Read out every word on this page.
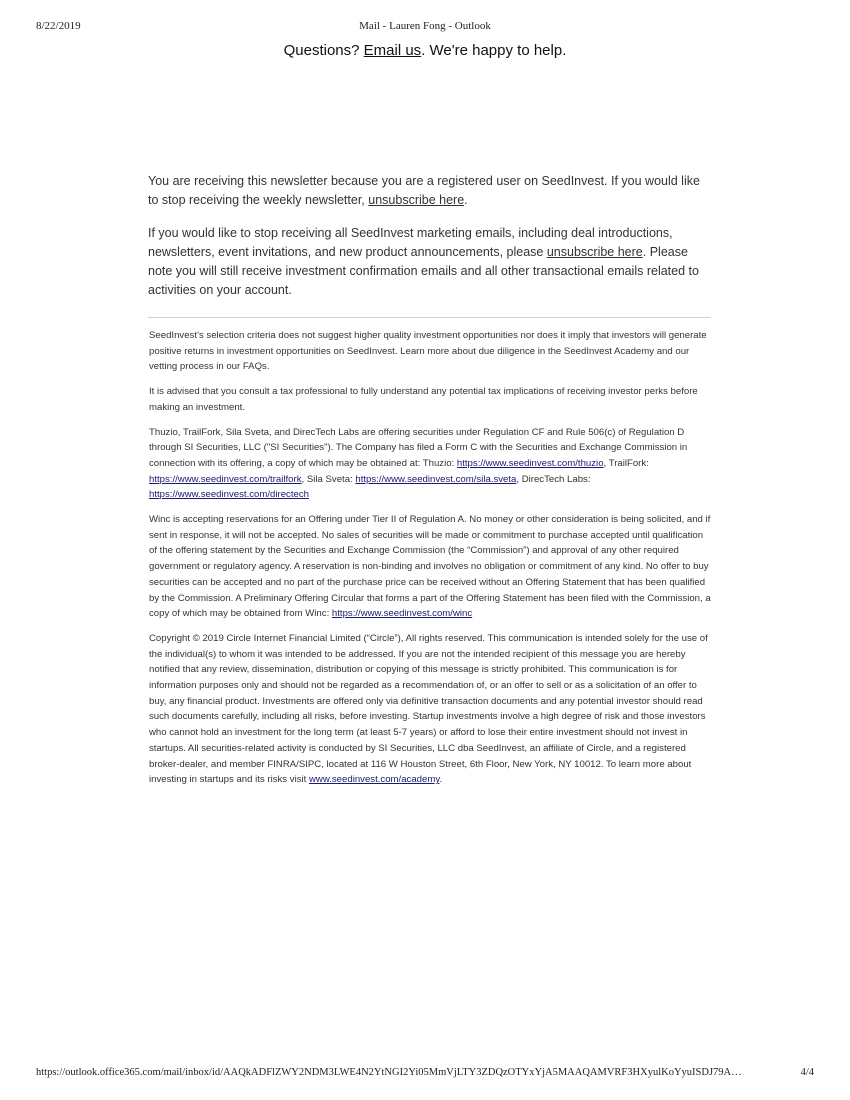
8/22/2019	Mail - Lauren Fong - Outlook
Questions? Email us. We're happy to help.

You are receiving this newsletter because you are a registered user on SeedInvest. If you would like to stop receiving the weekly newsletter, unsubscribe here.

If you would like to stop receiving all SeedInvest marketing emails, including deal introductions, newsletters, event invitations, and new product announcements, please unsubscribe here. Please note you will still receive investment confirmation emails and all other transactional emails related to activities on your account.

SeedInvest’s selection criteria does not suggest higher quality investment opportunities nor does it imply that investors will generate positive returns in investment opportunities on SeedInvest. Learn more about due diligence in the SeedInvest Academy and our vetting process in our FAQs.

It is advised that you consult a tax professional to fully understand any potential tax implications of receiving investor perks before making an investment.

Thuzio, TrailFork, Sila Sveta, and DirecTech Labs are offering securities under Regulation CF and Rule 506(c) of Regulation D through SI Securities, LLC ("SI Securities"). The Company has filed a Form C with the Securities and Exchange Commission in connection with its offering, a copy of which may be obtained at: Thuzio: https://www.seedinvest.com/thuzio, TrailFork: https://www.seedinvest.com/trailfork, Sila Sveta: https://www.seedinvest.com/sila.sveta, DirecTech Labs: https://www.seedinvest.com/directech

Winc is accepting reservations for an Offering under Tier II of Regulation A. No money or other consideration is being solicited, and if sent in response, it will not be accepted. No sales of securities will be made or commitment to purchase accepted until qualification of the offering statement by the Securities and Exchange Commission (the “Commission”) and approval of any other required government or regulatory agency. A reservation is non-binding and involves no obligation or commitment of any kind. No offer to buy securities can be accepted and no part of the purchase price can be received without an Offering Statement that has been qualified by the Commission. A Preliminary Offering Circular that forms a part of the Offering Statement has been filed with the Commission, a copy of which may be obtained from Winc: https://www.seedinvest.com/winc

Copyright © 2019 Circle Internet Financial Limited (“Circle”), All rights reserved. This communication is intended solely for the use of the individual(s) to whom it was intended to be addressed. If you are not the intended recipient of this message you are hereby notified that any review, dissemination, distribution or copying of this message is strictly prohibited. This communication is for information purposes only and should not be regarded as a recommendation of, or an offer to sell or as a solicitation of an offer to buy, any financial product. Investments are offered only via definitive transaction documents and any potential investor should read such documents carefully, including all risks, before investing. Startup investments involve a high degree of risk and those investors who cannot hold an investment for the long term (at least 5-7 years) or afford to lose their entire investment should not invest in startups. All securities-related activity is conducted by SI Securities, LLC dba SeedInvest, an affiliate of Circle, and a registered broker-dealer, and member FINRA/SIPC, located at 116 W Houston Street, 6th Floor, New York, NY 10012. To learn more about investing in startups and its risks visit www.seedinvest.com/academy.

https://outlook.office365.com/mail/inbox/id/AAQkADFlZWY2NDM3LWE4N2YtNGI2Yi05MmVjLTY3ZDQzOTYxYjA5MAAQAMVRF3HXyulKoYyuISDJ79A…	4/4
